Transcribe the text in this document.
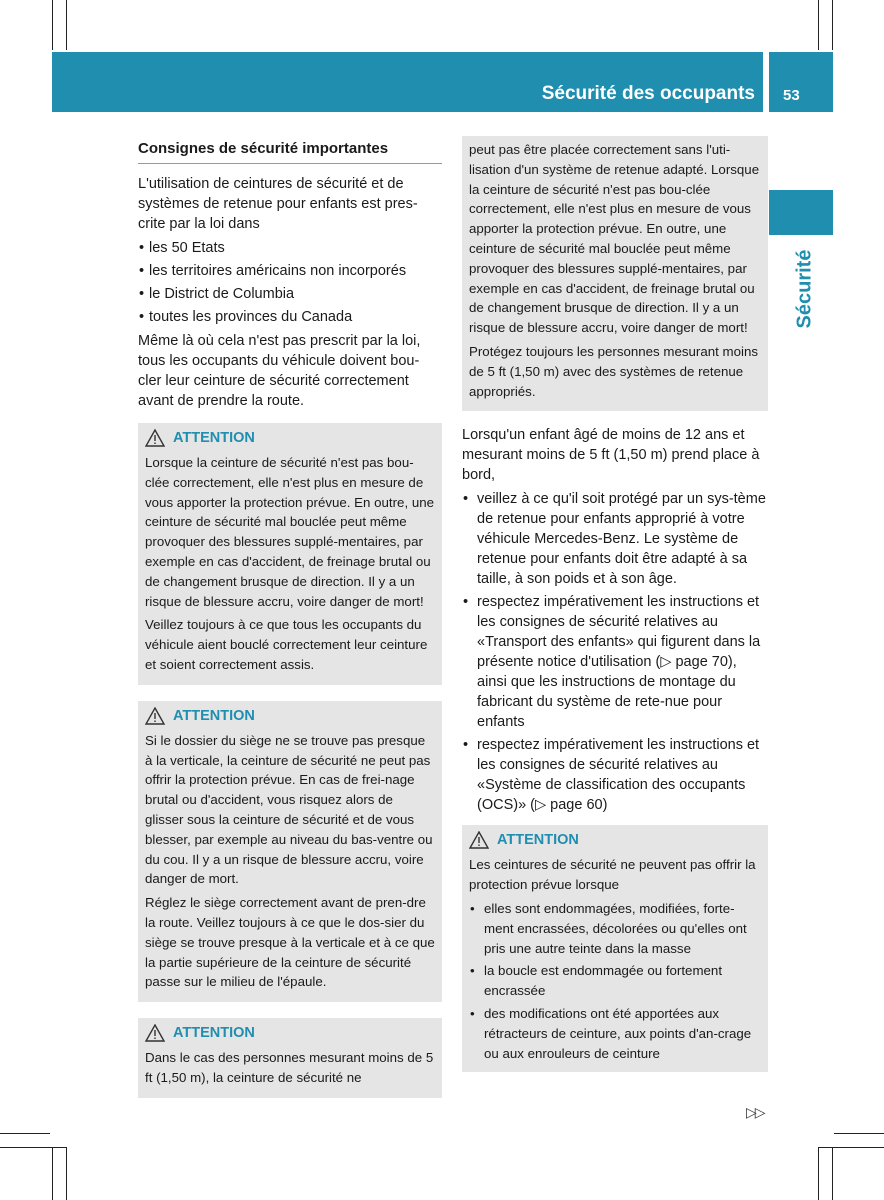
Sécurité des occupants 53
Sécurité
Consignes de sécurité importantes

L'utilisation de ceintures de sécurité et de systèmes de retenue pour enfants est pres-crite par la loi dans

• les 50 Etats
• les territoires américains non incorporés
• le District de Columbia
• toutes les provinces du Canada

Même là où cela n'est pas prescrit par la loi, tous les occupants du véhicule doivent bou-cler leur ceinture de sécurité correctement avant de prendre la route.

ATTENTION

Lorsque la ceinture de sécurité n'est pas bou-clée correctement, elle n'est plus en mesure de vous apporter la protection prévue. En outre, une ceinture de sécurité mal bouclée peut même provoquer des blessures supplé-mentaires, par exemple en cas d'accident, de freinage brutal ou de changement brusque de direction. Il y a un risque de blessure accru, voire danger de mort!

Veillez toujours à ce que tous les occupants du véhicule aient bouclé correctement leur ceinture et soient correctement assis.

ATTENTION

Si le dossier du siège ne se trouve pas presque à la verticale, la ceinture de sécurité ne peut pas offrir la protection prévue. En cas de frei-nage brutal ou d'accident, vous risquez alors de glisser sous la ceinture de sécurité et de vous blesser, par exemple au niveau du bas-ventre ou du cou. Il y a un risque de blessure accru, voire danger de mort.

Réglez le siège correctement avant de pren-dre la route. Veillez toujours à ce que le dos-sier du siège se trouve presque à la verticale et à ce que la partie supérieure de la ceinture de sécurité passe sur le milieu de l'épaule.

ATTENTION

Dans le cas des personnes mesurant moins de 5 ft (1,50 m), la ceinture de sécurité ne

peut pas être placée correctement sans l'uti-lisation d'un système de retenue adapté. Lorsque la ceinture de sécurité n'est pas bou-clée correctement, elle n'est plus en mesure de vous apporter la protection prévue. En outre, une ceinture de sécurité mal bouclée peut même provoquer des blessures supplé-mentaires, par exemple en cas d'accident, de freinage brutal ou de changement brusque de direction. Il y a un risque de blessure accru, voire danger de mort!

Protégez toujours les personnes mesurant moins de 5 ft (1,50 m) avec des systèmes de retenue appropriés.

Lorsqu'un enfant âgé de moins de 12 ans et mesurant moins de 5 ft (1,50 m) prend place à bord,

• veillez à ce qu'il soit protégé par un sys-tème de retenue pour enfants approprié à votre véhicule Mercedes-Benz. Le système de retenue pour enfants doit être adapté à sa taille, à son poids et à son âge.
• respectez impérativement les instructions et les consignes de sécurité relatives au «Transport des enfants» qui figurent dans la présente notice d'utilisation (▷ page 70), ainsi que les instructions de montage du fabricant du système de rete-nue pour enfants
• respectez impérativement les instructions et les consignes de sécurité relatives au «Système de classification des occupants (OCS)» (▷ page 60)
ATTENTION

Les ceintures de sécurité ne peuvent pas offrir la protection prévue lorsque

• elles sont endommagées, modifiées, forte-ment encrassées, décolorées ou qu'elles ont pris une autre teinte dans la masse
• la boucle est endommagée ou fortement encrassée
• des modifications ont été apportées aux rétracteurs de ceinture, aux points d'an-crage ou aux enrouleurs de ceinture
▷▷
